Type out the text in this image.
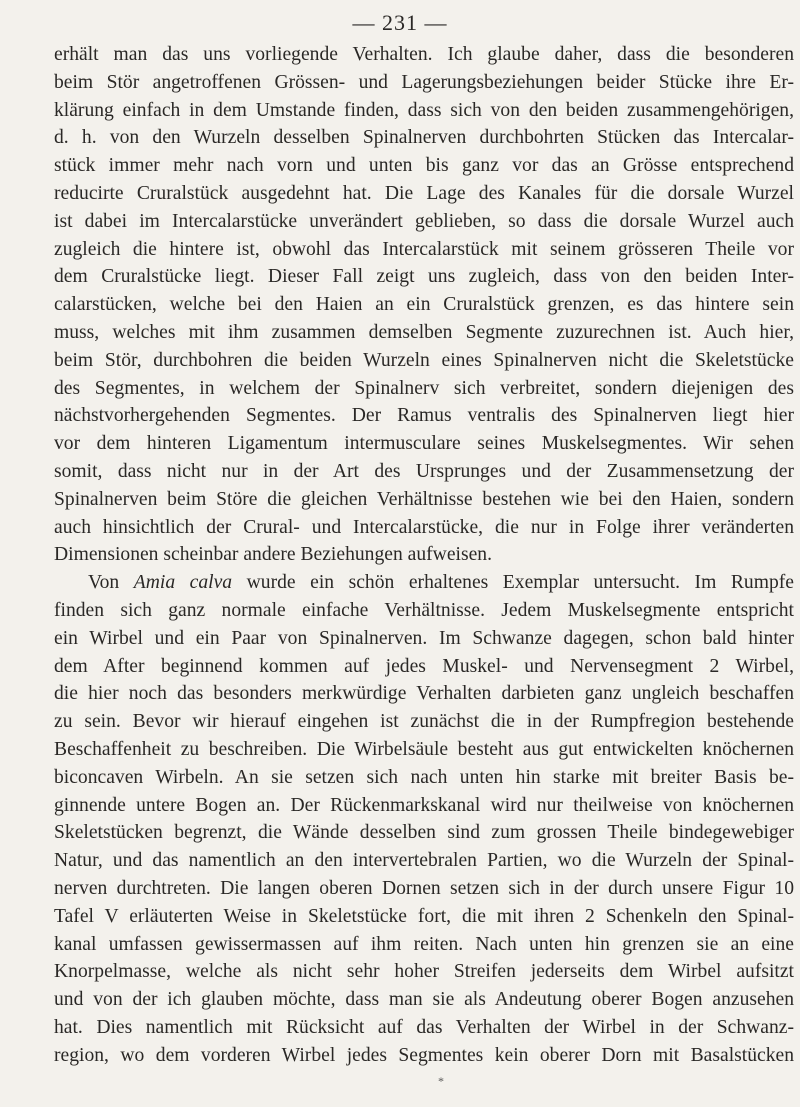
— 231 —
erhält man das uns vorliegende Verhalten. Ich glaube daher, dass die besonderen
beim Stör angetroffenen Grössen- und Lagerungsbeziehungen beider Stücke ihre Er-
klärung einfach in dem Umstande finden, dass sich von den beiden zusammengehörigen,
d. h. von den Wurzeln desselben Spinalnerven durchbohrten Stücken das Intercalar-
stück immer mehr nach vorn und unten bis ganz vor das an Grösse entsprechend
reducirte Cruralstück ausgedehnt hat. Die Lage des Kanales für die dorsale Wurzel
ist dabei im Intercalarstücke unverändert geblieben, so dass die dorsale Wurzel auch
zugleich die hintere ist, obwohl das Intercalarstück mit seinem grösseren Theile vor
dem Cruralstücke liegt. Dieser Fall zeigt uns zugleich, dass von den beiden Inter-
calarstücken, welche bei den Haien an ein Cruralstück grenzen, es das hintere sein
muss, welches mit ihm zusammen demselben Segmente zuzurechnen ist. Auch hier,
beim Stör, durchbohren die beiden Wurzeln eines Spinalnerven nicht die Skeletstücke
des Segmentes, in welchem der Spinalnerv sich verbreitet, sondern diejenigen des
nächstvorhergehenden Segmentes. Der Ramus ventralis des Spinalnerven liegt hier
vor dem hinteren Ligamentum intermusculare seines Muskelsegmentes. Wir sehen
somit, dass nicht nur in der Art des Ursprunges und der Zusammensetzung der
Spinalnerven beim Störe die gleichen Verhältnisse bestehen wie bei den Haien, sondern
auch hinsichtlich der Crural- und Intercalarstücke, die nur in Folge ihrer veränderten
Dimensionen scheinbar andere Beziehungen aufweisen.
Von Amia calva wurde ein schön erhaltenes Exemplar untersucht. Im Rumpfe
finden sich ganz normale einfache Verhältnisse. Jedem Muskelsegmente entspricht
ein Wirbel und ein Paar von Spinalnerven. Im Schwanze dagegen, schon bald hinter
dem After beginnend kommen auf jedes Muskel- und Nervensegment 2 Wirbel,
die hier noch das besonders merkwürdige Verhalten darbieten ganz ungleich beschaffen
zu sein. Bevor wir hierauf eingehen ist zunächst die in der Rumpfregion bestehende
Beschaffenheit zu beschreiben. Die Wirbelsäule besteht aus gut entwickelten knöchernen
biconcaven Wirbeln. An sie setzen sich nach unten hin starke mit breiter Basis be-
ginnende untere Bogen an. Der Rückenmarkskanal wird nur theilweise von knöchernen
Skeletstücken begrenzt, die Wände desselben sind zum grossen Theile bindegewebiger
Natur, und das namentlich an den intervertebralen Partien, wo die Wurzeln der Spinal-
nerven durchtreten. Die langen oberen Dornen setzen sich in der durch unsere Figur 10
Tafel V erläuterten Weise in Skeletstücke fort, die mit ihren 2 Schenkeln den Spinal-
kanal umfassen gewissermassen auf ihm reiten. Nach unten hin grenzen sie an eine
Knorpelmasse, welche als nicht sehr hoher Streifen jederseits dem Wirbel aufsitzt
und von der ich glauben möchte, dass man sie als Andeutung oberer Bogen anzusehen
hat. Dies namentlich mit Rücksicht auf das Verhalten der Wirbel in der Schwanz-
region, wo dem vorderen Wirbel jedes Segmentes kein oberer Dorn mit Basalstücken
*
